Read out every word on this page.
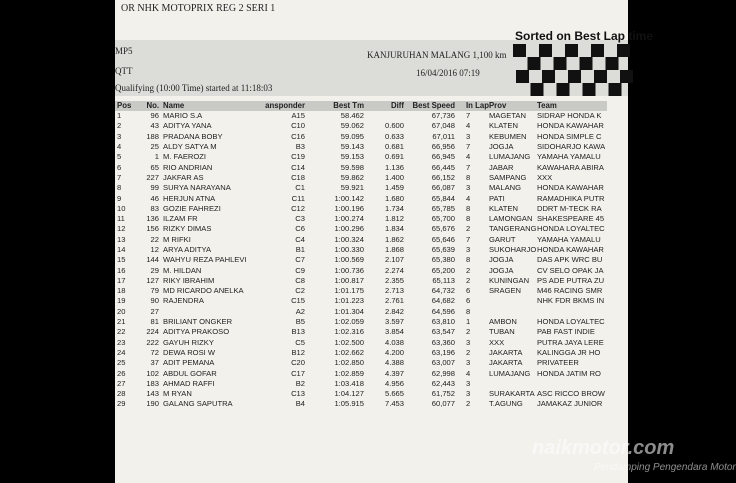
OR NHK MOTOPRIX REG 2 SERI 1
Sorted on Best Lap time
MP5	KANJURUHAN MALANG 1,100 km
QTT	16/04/2016 07:19
Qualifying (10:00 Time) started at 11:18:03
Pos	No.	Name	ansponder	Best Tm	Diff	Best Speed	In Lap	Prov	Team
1	96	MARIO S.A	A15	58.462		67,736	7	MAGETAN	SIDRAP HONDA K
2	43	ADITYA YANA	C10	59.062	0.600	67,048	4	KLATEN	HONDA KAWAHAR
3	188	PRADANA BOBY	C16	59.095	0.633	67,011	3	KEBUMEN	HONDA SIMPLE C
4	25	ALDY SATYA M	B3	59.143	0.681	66,956	7	JOGJA	SIDOHARJO KAWA
5	1	M. FAEROZI	C19	59.153	0.691	66,945	4	LUMAJANG	YAMAHA YAMALU
6	65	RIO ANDRIAN	C14	59.598	1.136	66,445	7	JABAR	KAWAHARA ABIRA
7	227	JAKFAR AS	C18	59.862	1.400	66,152	8	SAMPANG	XXX
8	99	SURYA NARAYANA	C1	59.921	1.459	66,087	3	MALANG	HONDA KAWAHAR
9	46	HERJUN ATNA	C11	1:00.142	1.680	65,844	4	PATI	RAMADHIKA PUTR
10	83	GOZIE FAHREZI	C12	1:00.196	1.734	65,785	8	KLATEN	DDRT M-TECK RA
11	136	ILZAM FR	C3	1:00.274	1.812	65,700	8	LAMONGAN	SHAKESPEARE 45
12	156	RIZKY DIMAS	C6	1:00.296	1.834	65,676	2	TANGERANG	HONDA LOYALTEC
13	22	M RIFKI	C4	1:00.324	1.862	65,646	7	GARUT	YAMAHA YAMALU
14	12	ARYA ADITYA	B1	1:00.330	1.868	65,639	3	SUKOHARJO	HONDA KAWAHAR
15	144	WAHYU REZA PAHLEVI	C7	1:00.569	2.107	65,380	8	JOGJA	DAS APK WRC BU
16	29	M. HILDAN	C9	1:00.736	2.274	65,200	2	JOGJA	CV SELO OPAK JA
17	127	RIKY IBRAHIM	C8	1:00.817	2.355	65,113	2	KUNINGAN	PS ADE PUTRA ZU
18	79	MD RICARDO ANELKA	C2	1:01.175	2.713	64,732	6	SRAGEN	M46 RACING SMR
19	90	RAJENDRA	C15	1:01.223	2.761	64,682	6		NHK FDR BKMS IN
20	27		A2	1:01.304	2.842	64,596	8		
21	81	BRILIANT ONGKER	B5	1:02.059	3.597	63,810	1	AMBON	HONDA LOYALTEC
22	224	ADITYA PRAKOSO	B13	1:02.316	3.854	63,547	2	TUBAN	PAB FAST INDIE
23	222	GAYUH RIZKY	C5	1:02.500	4.038	63,360	3	XXX	PUTRA JAYA LERE
24	72	DEWA ROSI W	B12	1:02.662	4.200	63,196	2	JAKARTA	KALINGGA JR HO
25	37	ADIT PEMANA	C20	1:02.850	4.388	63,007	3	JAKARTA	PRIVATEER
26	102	ABDUL GOFAR	C17	1:02.859	4.397	62,998	4	LUMAJANG	HONDA JATIM RO
27	183	AHMAD RAFFI	B2	1:03.418	4.956	62,443	3		
28	143	M RYAN	C13	1:04.127	5.665	61,752	3	SURAKARTA	ASC RICCO BROW
29	190	GALANG SAPUTRA	B4	1:05.915	7.453	60,077	2	T.AGUNG	JAMAKAZ JUNIOR
naikmotor.com
Pendamping Pengendara Motor
